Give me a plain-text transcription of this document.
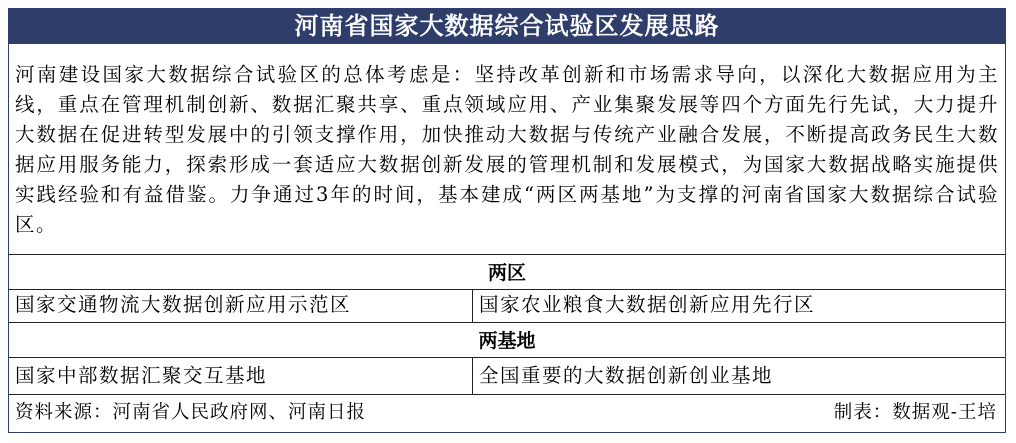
河南省国家大数据综合试验区发展思路
河南建设国家大数据综合试验区的总体考虑是：坚持改革创新和市场需求导向，以深化大数据应用为主线，重点在管理机制创新、数据汇聚共享、重点领域应用、产业集聚发展等四个方面先行先试，大力提升大数据在促进转型发展中的引领支撑作用，加快推动大数据与传统产业融合发展，不断提高政务民生大数据应用服务能力，探索形成一套适应大数据创新发展的管理机制和发展模式，为国家大数据战略实施提供实践经验和有益借鉴。力争通过3年的时间，基本建成“两区两基地”为支撑的河南省国家大数据综合试验区。
两区
国家交通物流大数据创新应用示范区	国家农业粮食大数据创新应用先行区
两基地
国家中部数据汇聚交互基地	全国重要的大数据创新创业基地
资料来源：河南省人民政府网、河南日报	制表：数据观-王培
